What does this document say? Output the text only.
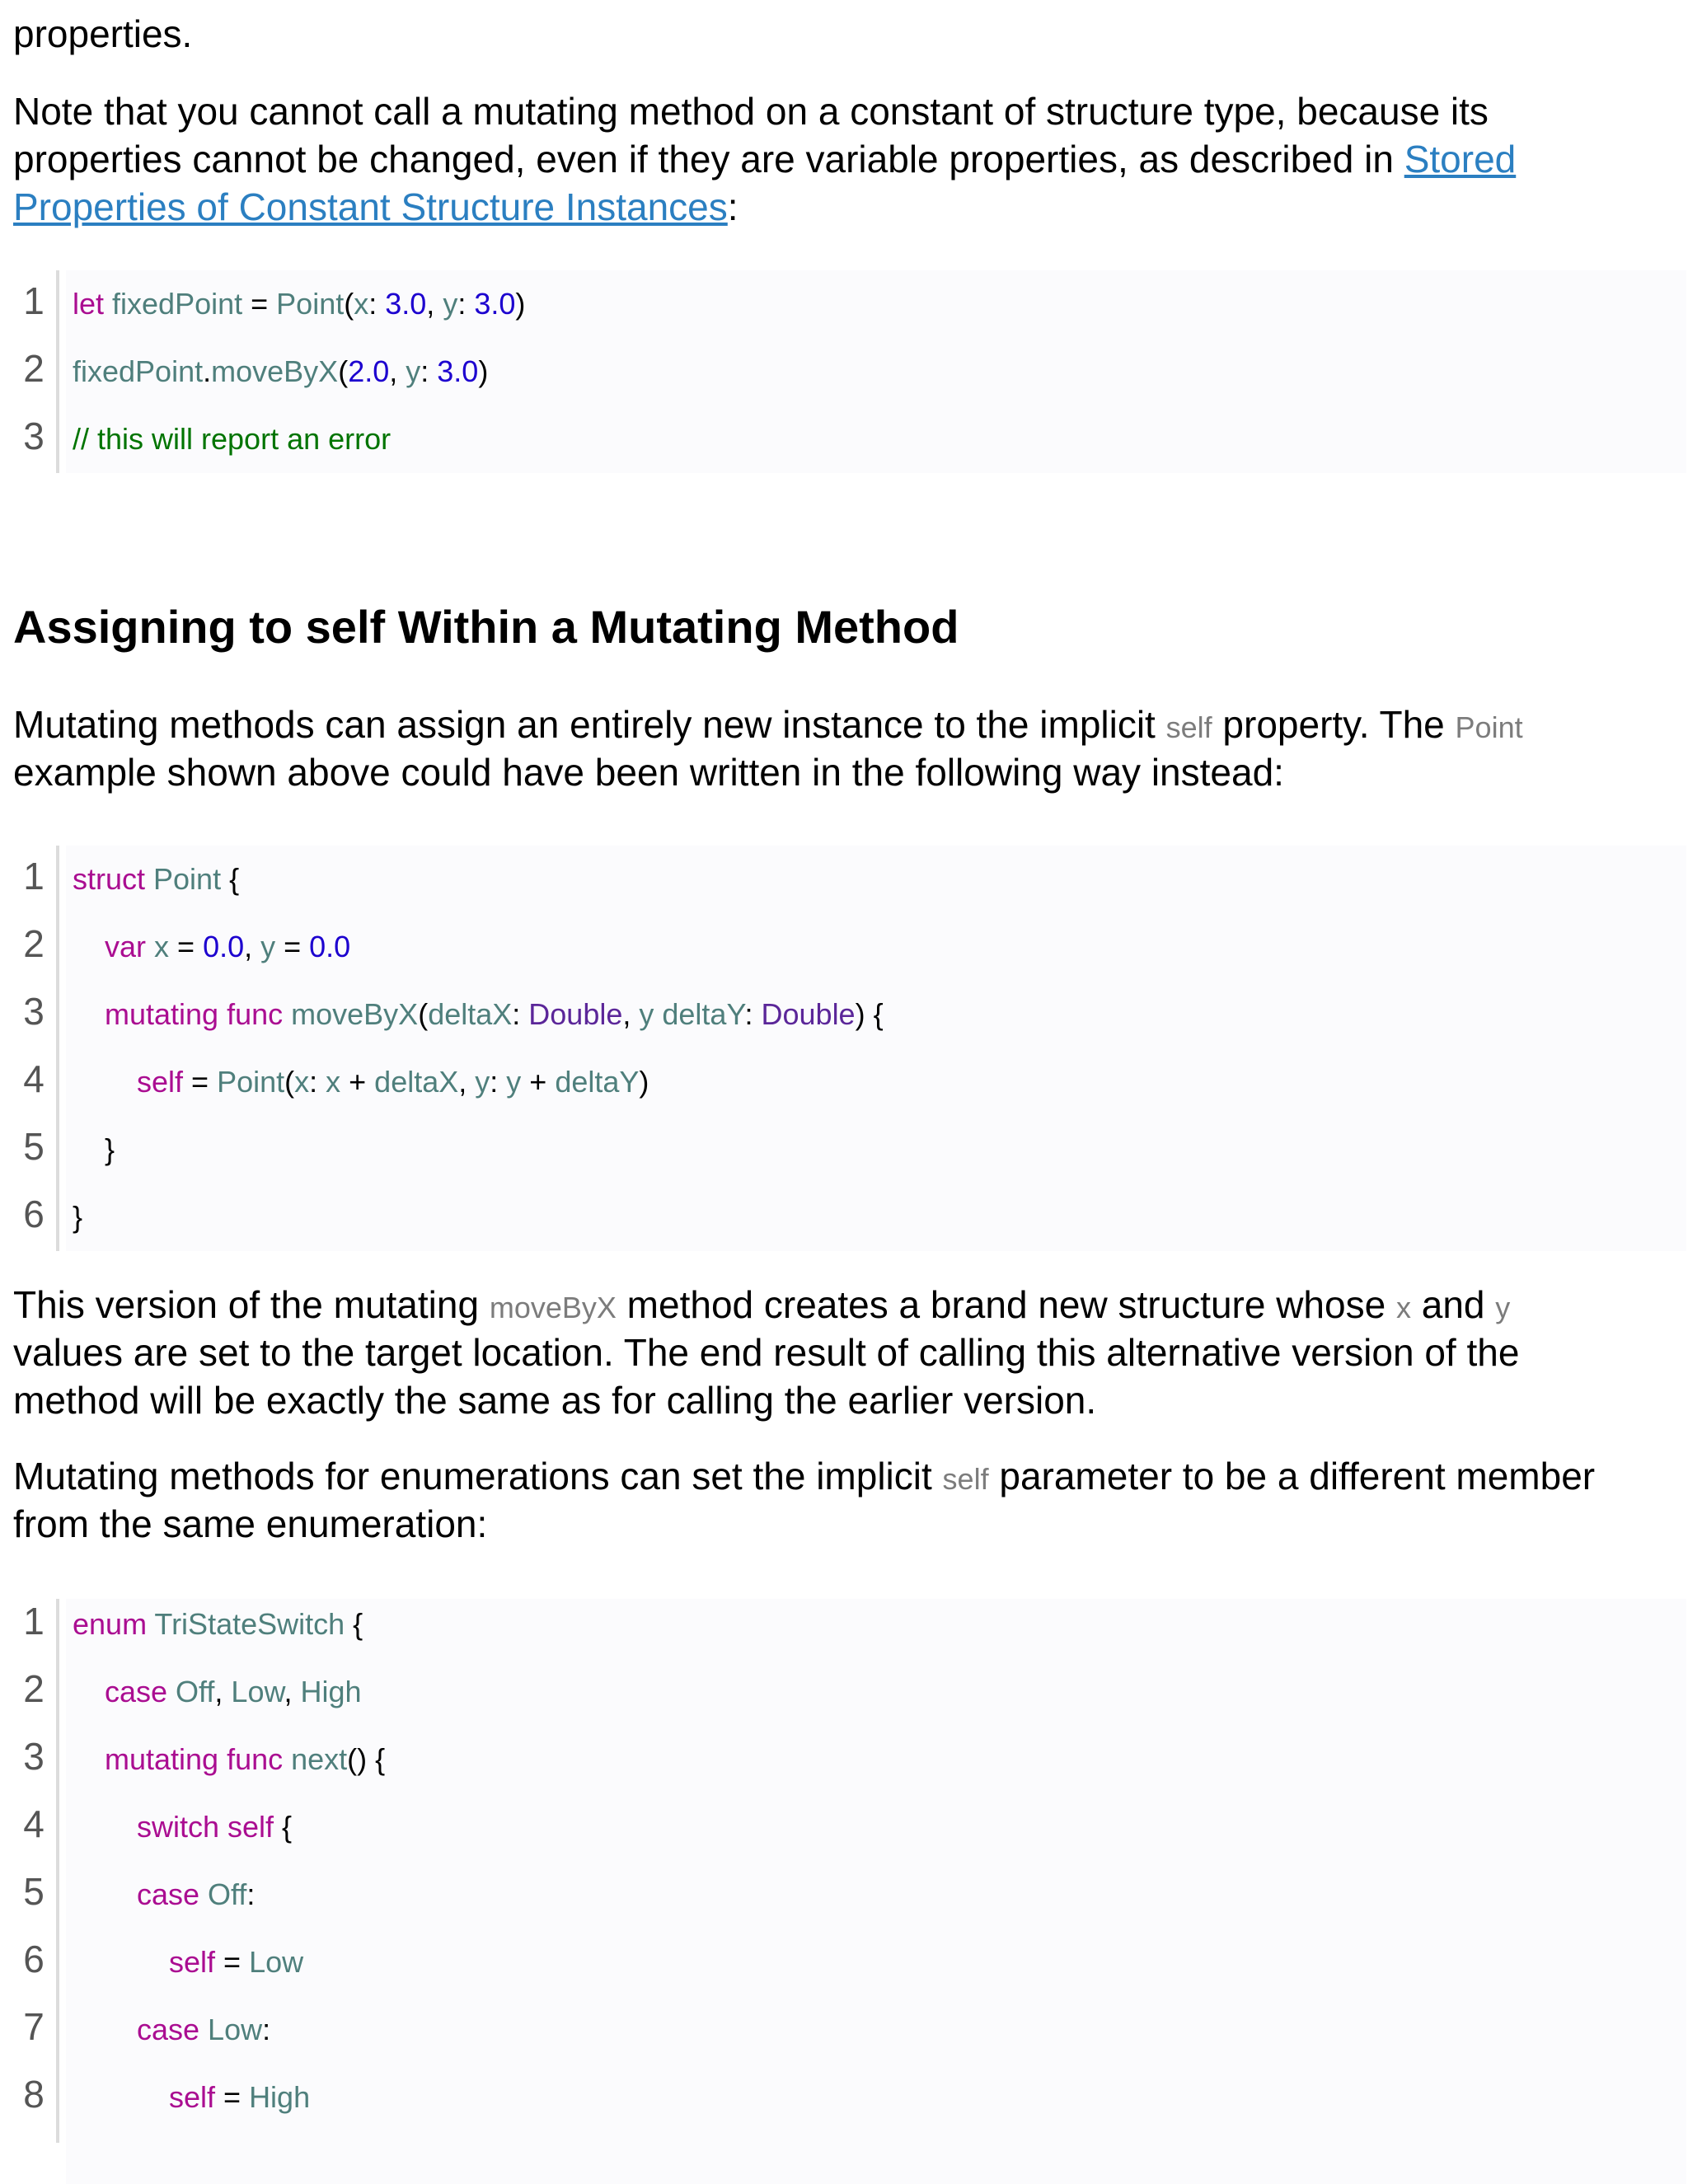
properties.
Note that you cannot call a mutating method on a constant of structure type, because its
properties cannot be changed, even if they are variable properties, as described in Stored
Properties of Constant Structure Instances:
1
2
3
let fixedPoint = Point(x: 3.0, y: 3.0)
fixedPoint.moveByX(2.0, y: 3.0)
// this will report an error
Assigning to self Within a Mutating Method
Mutating methods can assign an entirely new instance to the implicit self property. The Point
example shown above could have been written in the following way instead:
1
2
3
4
5
6
struct Point {
var x = 0.0, y = 0.0
mutating func moveByX(deltaX: Double, y deltaY: Double) {
self = Point(x: x + deltaX, y: y + deltaY)
}
}
This version of the mutating moveByX method creates a brand new structure whose x and y
values are set to the target location. The end result of calling this alternative version of the
method will be exactly the same as for calling the earlier version.
Mutating methods for enumerations can set the implicit self parameter to be a different member
from the same enumeration:
1
2
3
4
5
6
7
8
enum TriStateSwitch {
case Off, Low, High
mutating func next() {
switch self {
case Off:
self = Low
case Low:
self = High
